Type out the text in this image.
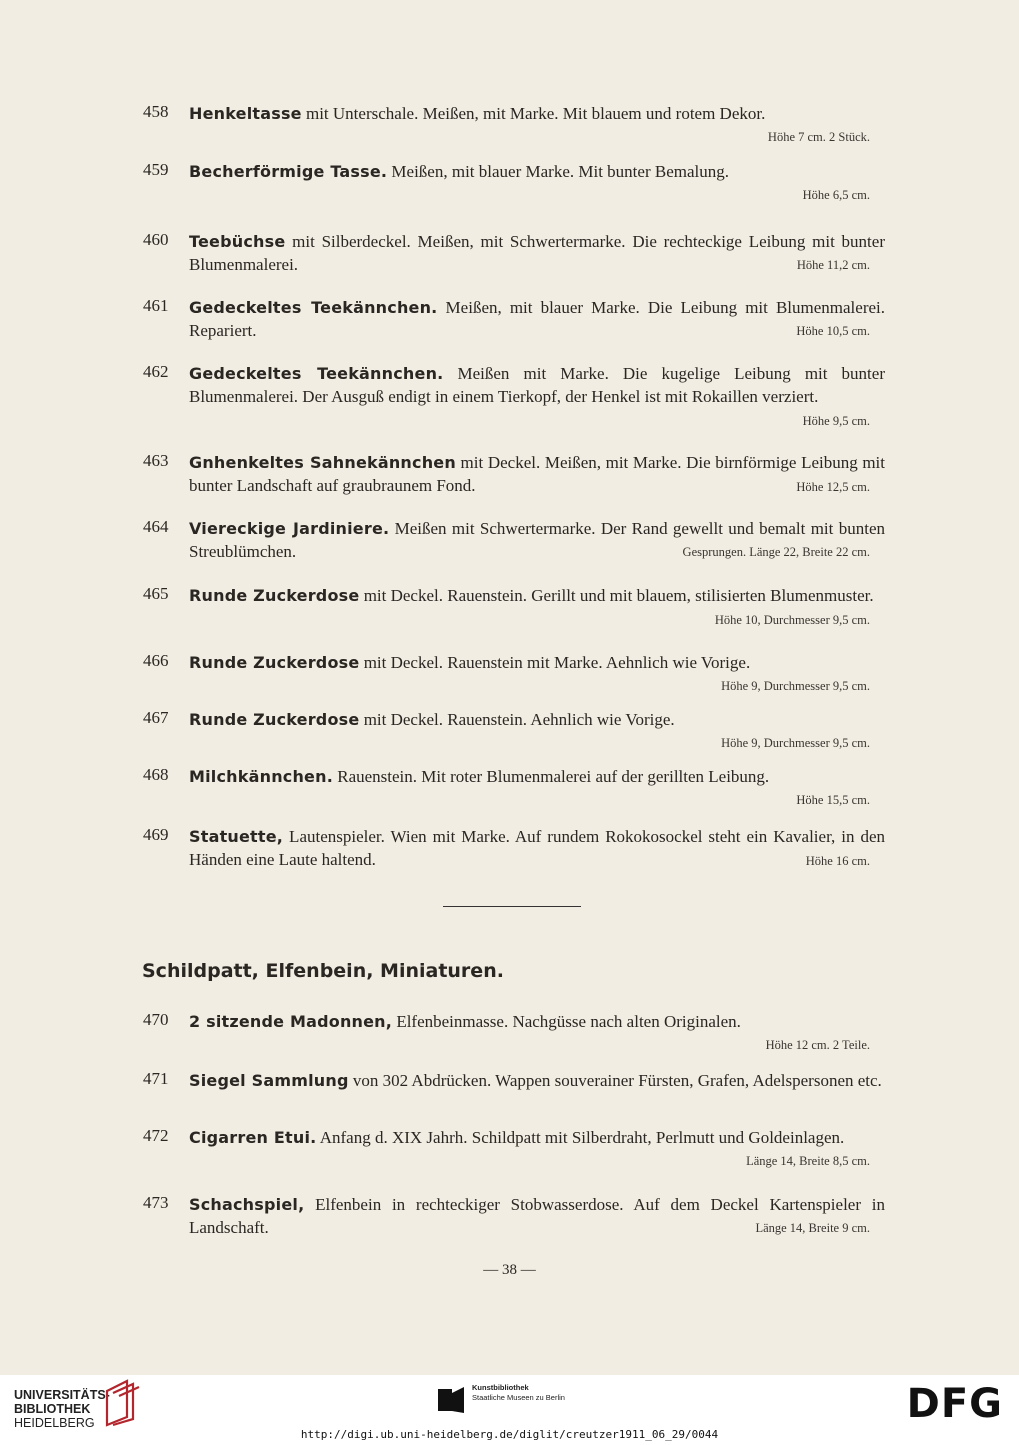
458 Henkeltasse mit Unterschale. Meißen, mit Marke. Mit blauem und rotem Dekor.
Höhe 7 cm. 2 Stück.
459 Becherförmige Tasse. Meißen, mit blauer Marke. Mit bunter Bemalung.
Höhe 6,5 cm.
460 Teebüchse mit Silberdeckel. Meißen, mit Schwertermarke. Die rechteckige Leibung mit bunter Blumenmalerei.	Höhe 11,2 cm.
461 Gedeckeltes Teekännchen. Meißen, mit blauer Marke. Die Leibung mit Blumenmalerei. Repariert.	Höhe 10,5 cm.
462 Gedeckeltes Teekännchen. Meißen mit Marke. Die kugelige Leibung mit bunter Blumenmalerei. Der Ausguß endigt in einem Tierkopf, der Henkel ist mit Rokaillen verziert.
Höhe 9,5 cm.
463 Gnhenkeltes Sahnekännchen mit Deckel. Meißen, mit Marke. Die birnförmige Leibung mit bunter Landschaft auf graubraunem Fond.	Höhe 12,5 cm.
464 Viereckige Jardiniere. Meißen mit Schwertermarke. Der Rand gewellt und bemalt mit bunten Streublümchen.	Gesprungen. Länge 22, Breite 22 cm.
465 Runde Zuckerdose mit Deckel. Rauenstein. Gerillt und mit blauem, stilisierten Blumenmuster.
Höhe 10, Durchmesser 9,5 cm.
466 Runde Zuckerdose mit Deckel. Rauenstein mit Marke. Aehnlich wie Vorige.
Höhe 9, Durchmesser 9,5 cm.
467 Runde Zuckerdose mit Deckel. Rauenstein. Aehnlich wie Vorige.
Höhe 9, Durchmesser 9,5 cm.
468 Milchkännchen. Rauenstein. Mit roter Blumenmalerei auf der gerillten Leibung.
Höhe 15,5 cm.
469 Statuette, Lautenspieler. Wien mit Marke. Auf rundem Rokokosockel steht ein Kavalier, in den Händen eine Laute haltend.	Höhe 16 cm.
Schildpatt, Elfenbein, Miniaturen.
470 2 sitzende Madonnen, Elfenbeinmasse. Nachgüsse nach alten Originalen.
Höhe 12 cm. 2 Teile.
471 Siegel Sammlung von 302 Abdrücken. Wappen souverainer Fürsten, Grafen, Adelspersonen etc.
472 Cigarren Etui. Anfang d. XIX Jahrh. Schildpatt mit Silberdraht, Perlmutt und Goldeinlagen.
Länge 14, Breite 8,5 cm.
473 Schachspiel, Elfenbein in rechteckiger Stobwasserdose. Auf dem Deckel Kartenspieler in Landschaft.	Länge 14, Breite 9 cm.
— 38 —
UNIVERSITÄTS-
BIBLIOTHEK
HEIDELBERG
Kunstbibliothek
Staatliche Museen zu Berlin	DFG
http://digi.ub.uni-heidelberg.de/diglit/creutzer1911_06_29/0044
